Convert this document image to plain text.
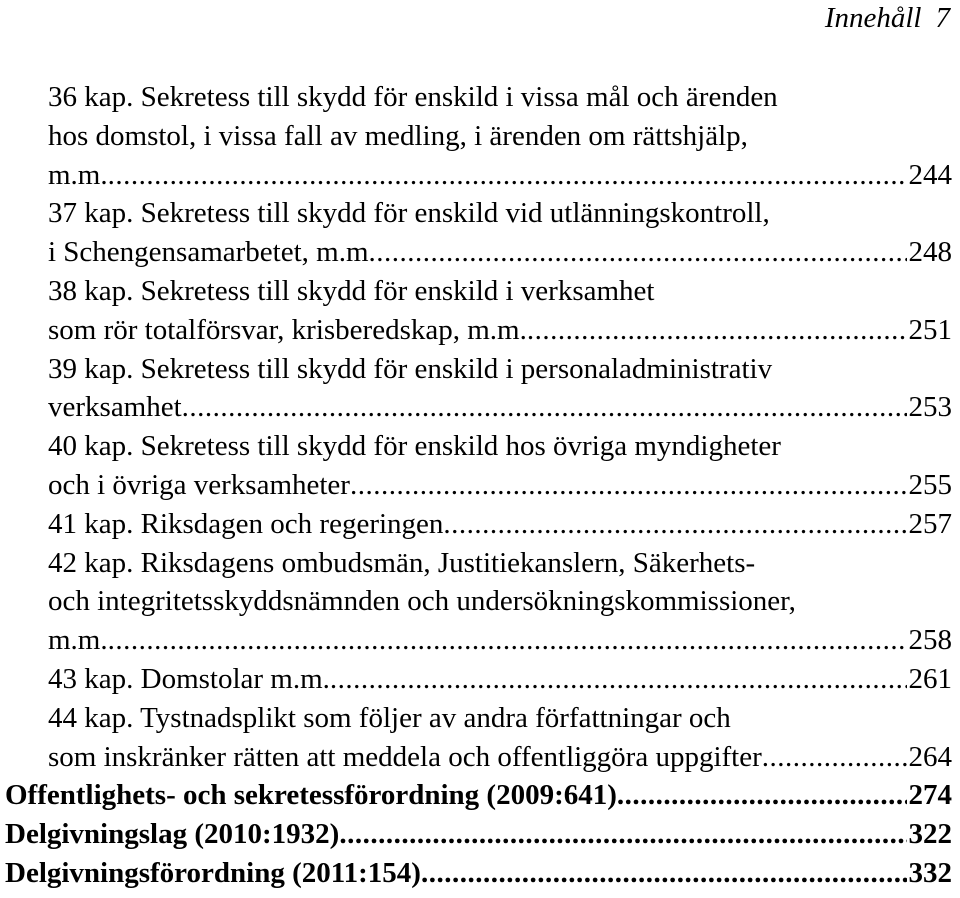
Innehåll 7
36 kap. Sekretess till skydd för enskild i vissa mål och ärenden
hos domstol, i vissa fall av medling, i ärenden om rättshjälp,
m.m. .....	244
37 kap. Sekretess till skydd för enskild vid utlänningskontroll,
i Schengensamarbetet, m.m .....	248
38 kap. Sekretess till skydd för enskild i verksamhet
som rör totalförsvar, krisberedskap, m.m. .....	251
39 kap. Sekretess till skydd för enskild i personaladministrativ
verksamhet .....	253
40 kap. Sekretess till skydd för enskild hos övriga myndigheter
och i övriga verksamheter .....	255
41 kap. Riksdagen och regeringen .....	257
42 kap. Riksdagens ombudsmän, Justitiekanslern, Säkerhets-
och integritetsskyddsnämnden och undersökningskommissioner,
m.m. .....	258
43 kap. Domstolar m.m. .....	261
44 kap. Tystnadsplikt som följer av andra författningar och
som inskränker rätten att meddela och offentliggöra uppgifter .....	264
Offentlighets- och sekretessförordning (2009:641) .....	274
Delgivningslag (2010:1932) .....	322
Delgivningsförordning (2011:154) .....	332
